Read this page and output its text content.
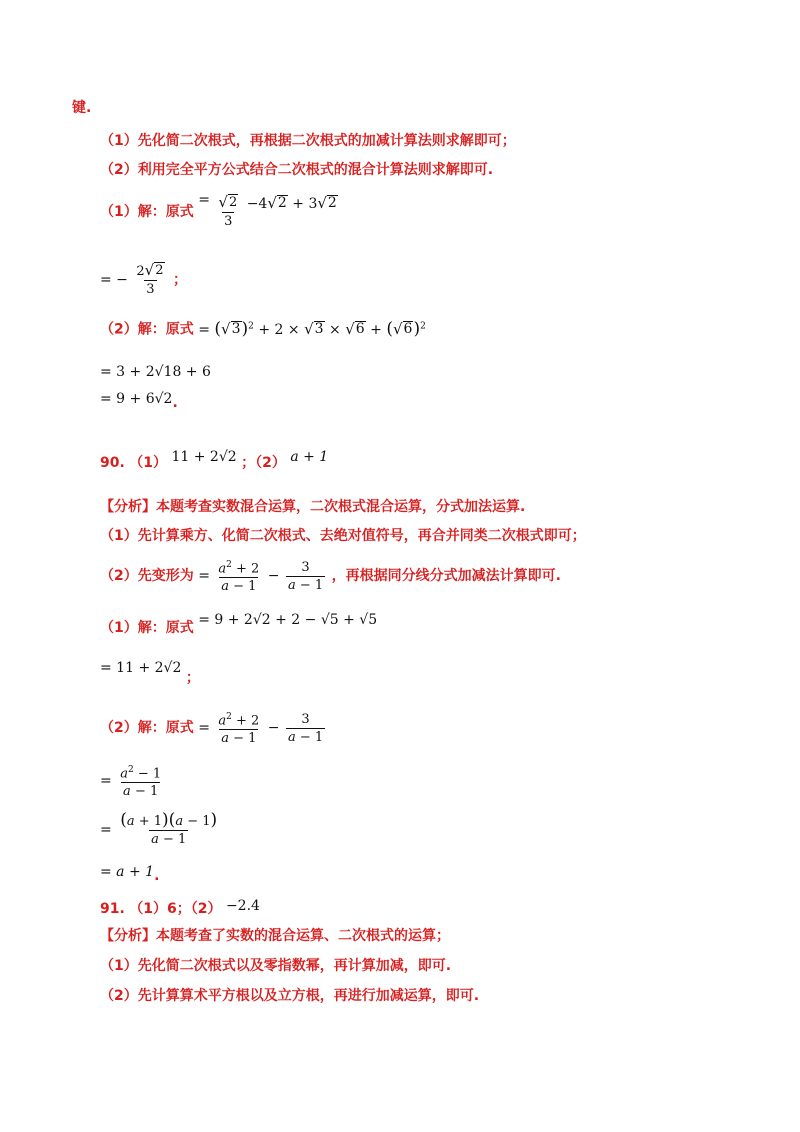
键.
（1）先化简二次根式，再根据二次根式的加减计算法则求解即可；
（2）利用完全平方公式结合二次根式的混合计算法则求解即可.
（1）解：原式 = $\frac{√ 2}{3} -4$ √ 2 + 3 √ 2
= − $\frac{2 √ 2}{3}$ ；
（2）解：原式 = ( √ 3 )$^2$ + 2 × √ 3 × √ 6 + ( √ 6 )$^2$
= 3 + 2√18 + 6
= 9 + 6√2.
90. （1） 11 + 2√2 ；（2） a + 1
【分析】本题考查实数混合运算，二次根式混合运算，分式加法运算.
（1）先计算乘方、化简二次根式、去绝对值符号，再合并同类二次根式即可；
（2）先变形为 = $\frac{a^2 + 2}{a - 1} - \frac{3}{a - 1}$ ，再根据同分线分式加减法计算即可.
（1）解：原式 = 9 + 2√2 + 2 − √5 + √5
= 11 + 2√2 ；
（2）解：原式 = $\frac{a^2 + 2}{a - 1} - \frac{3}{a - 1}$
= $\frac{a^2 - 1}{a - 1}$
= $\frac{(a + 1)(a - 1)}{a - 1}$
= a + 1.
91. （1）6；（2） −2.4
【分析】本题考查了实数的混合运算、二次根式的运算；
（1）先化简二次根式以及零指数幂，再计算加减，即可.
（2）先计算算术平方根以及立方根，再进行加减运算，即可.
